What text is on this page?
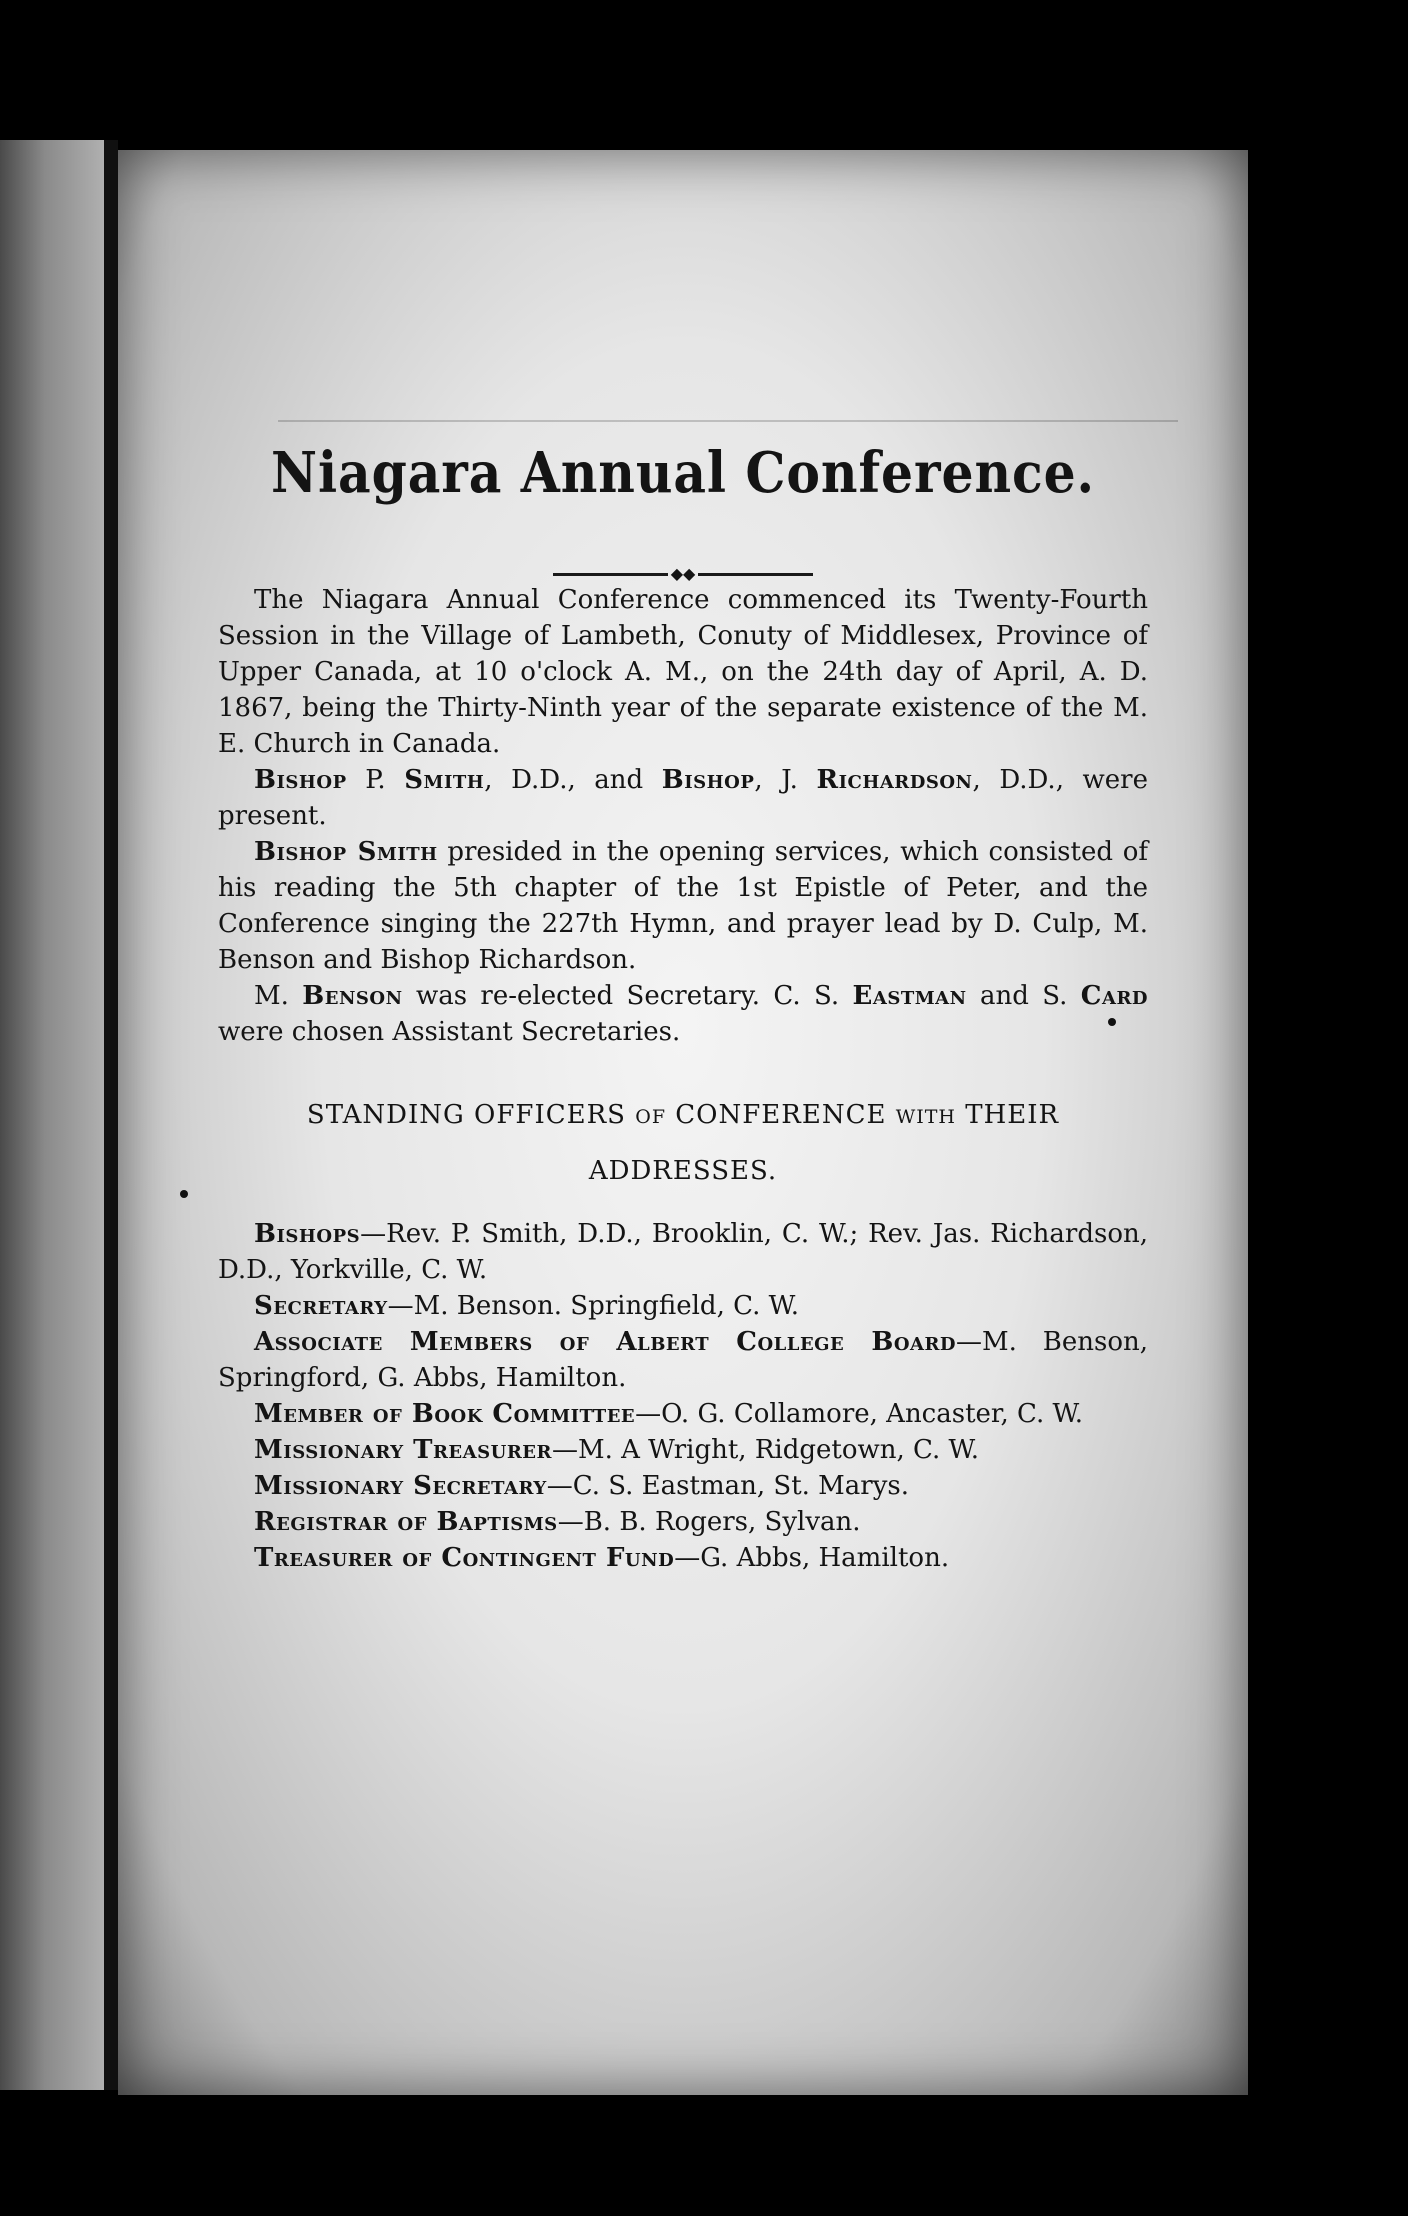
Niagara Annual Conference.
◆◆

The Niagara Annual Conference commenced its Twenty-Fourth Session in the Village of Lambeth, Conuty of Middlesex, Province of Upper Canada, at 10 o'clock A. M., on the 24th day of April, A. D. 1867, being the Thirty-Ninth year of the separate existence of the M. E. Church in Canada.

Bishop P. Smith, D.D., and Bishop, J. Richardson, D.D., were present.

Bishop Smith presided in the opening services, which consisted of his reading the 5th chapter of the 1st Epistle of Peter, and the Conference singing the 227th Hymn, and prayer lead by D. Culp, M. Benson and Bishop Richardson.

M. Benson was re-elected Secretary. C. S. Eastman and S. Card were chosen Assistant Secretaries.

STANDING OFFICERS OF CONFERENCE WITH THEIR
ADDRESSES.

Bishops—Rev. P. Smith, D.D., Brooklin, C. W.; Rev. Jas. Richardson, D.D., Yorkville, C. W.

Secretary—M. Benson. Springfield, C. W.

Associate Members of Albert College Board—M. Benson, Springford, G. Abbs, Hamilton.

Member of Book Committee—O. G. Collamore, Ancaster, C. W.

Missionary Treasurer—M. A Wright, Ridgetown, C. W.

Missionary Secretary—C. S. Eastman, St. Marys.

Registrar of Baptisms—B. B. Rogers, Sylvan.

Treasurer of Contingent Fund—G. Abbs, Hamilton.
